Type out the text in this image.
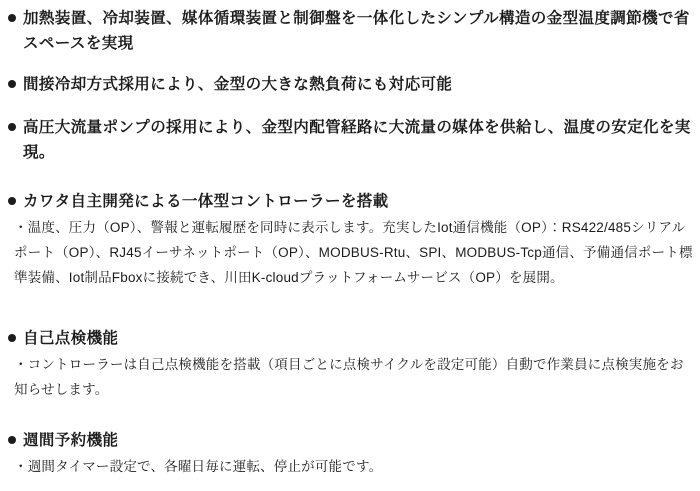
加熱装置、冷却装置、媒体循環装置と制御盤を一体化したシンプル構造の金型温度調節機で省スペースを実現
間接冷却方式採用により、金型の大きな熱負荷にも対応可能
高圧大流量ポンプの採用により、金型内配管経路に大流量の媒体を供給し、温度の安定化を実現。
カワタ自主開発による一体型コントローラーを搭載

・温度、圧力（OP）、警報と運転履歴を同時に表示します。充実したIot通信機能（OP）：RS422/485シリアルポート（OP）、RJ45イーサネットポート（OP）、MODBUS-Rtu、SPI、MODBUS-Tcp通信、予備通信ポート標準装備、Iot制品Fboxに接続でき、川田K-cloudプラットフォームサービス（OP）を展開。

自己点検機能

・コントローラーは自己点検機能を搭載（項目ごとに点検サイクルを設定可能）自動で作業員に点検実施をお知らせします。

週間予約機能

・週間タイマー設定で、各曜日毎に運転、停止が可能です。
